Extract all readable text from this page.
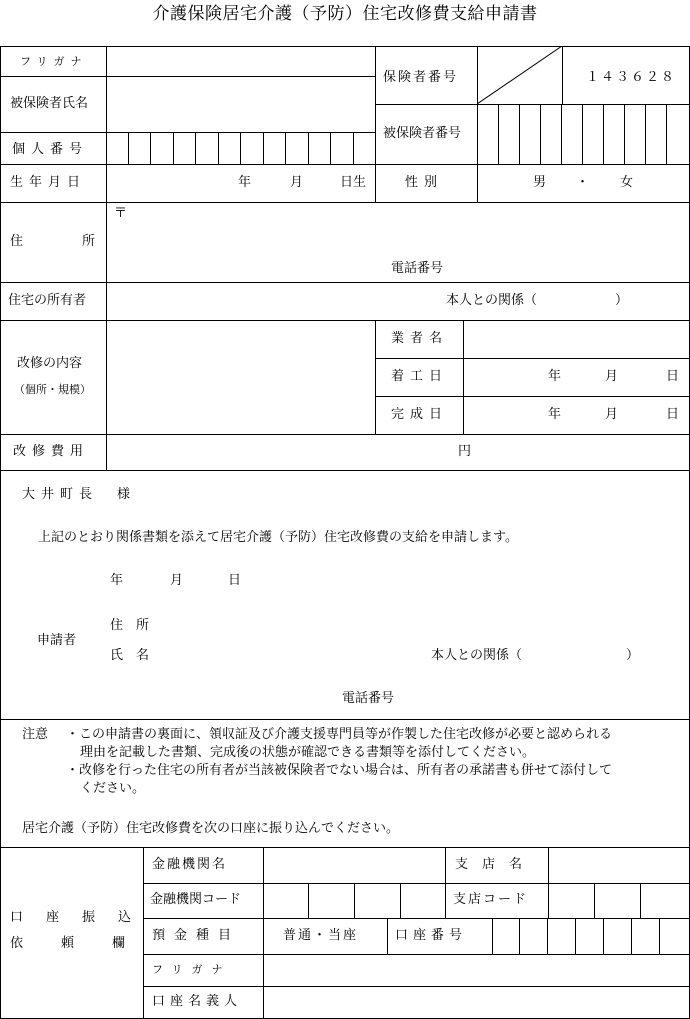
介護保険居宅介護（予防）住宅改修費支給申請書
フリガナ
被保険者氏名
保険者番号	１４３６２８
個人番号
被保険者番号
生年月日	年	月	日生	性別	男 ・ 女
住	所
〒
電話番号
住宅の所有者	本人との関係（　　　　　　）
改修の内容
（個所・規模）
業者名
着工日	年	月	日
完成日	年	月	日
改修費用	円
大井町長　様
上記のとおり関係書類を添えて居宅介護（予防）住宅改修費の支給を申請します。
年	月	日
申請者
住　所
氏　名	本人との関係（　　　　　　　　）
電話番号
注意 ・この申請書の裏面に、領収証及び介護支援専門員等が作製した住宅改修が必要と認められる
理由を記載した書類、完成後の状態が確認できる書類等を添付してください。
・改修を行った住宅の所有者が当該被保険者でない場合は、所有者の承諾書も併せて添付して
ください。
居宅介護（予防）住宅改修費を次の口座に振り込んでください。
口座振込
依頼欄
金融機関名	支店名
金融機関コード	支店コード
預金種目	普通・当座	口座番号
フリガナ
口座名義人
